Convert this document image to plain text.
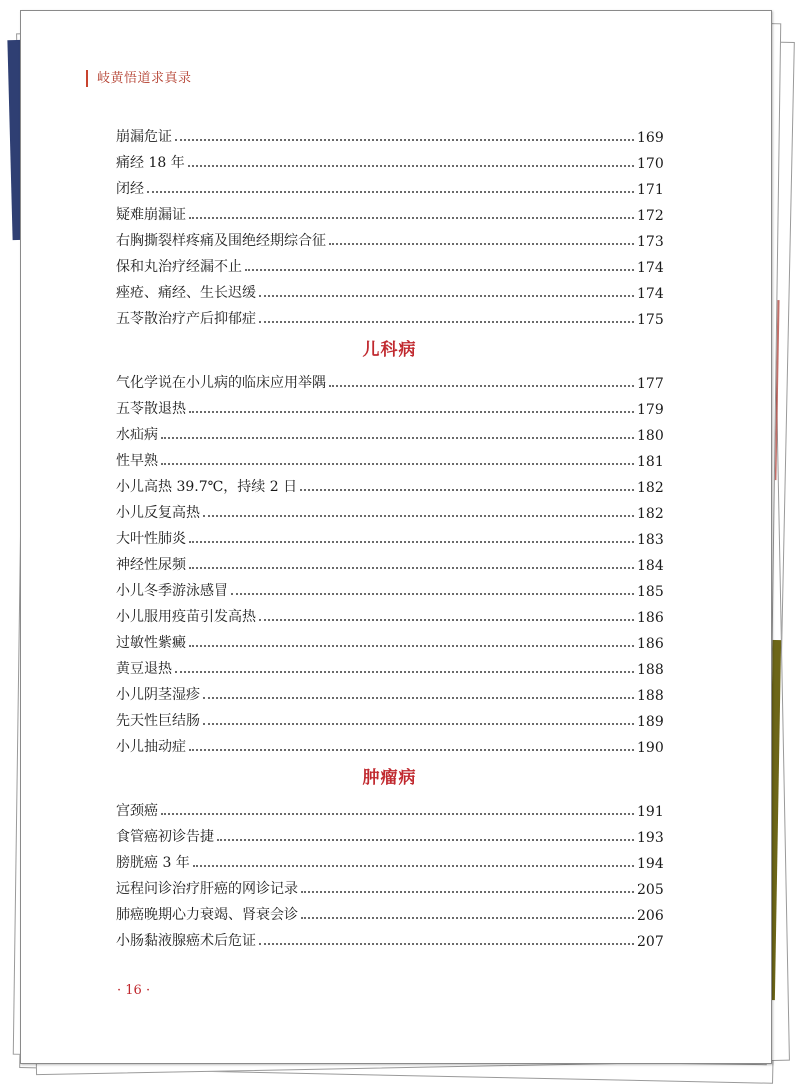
岐黄悟道求真录
崩漏危证	169
痛经 18 年	170
闭经	171
疑难崩漏证	172
右胸撕裂样疼痛及围绝经期综合征	173
保和丸治疗经漏不止	174
痤疮、痛经、生长迟缓	174
五苓散治疗产后抑郁症	175
儿科病
气化学说在小儿病的临床应用举隅	177
五苓散退热	179
水疝病	180
性早熟	181
小儿高热 39.7℃，持续 2 日	182
小儿反复高热	182
大叶性肺炎	183
神经性尿频	184
小儿冬季游泳感冒	185
小儿服用疫苗引发高热	186
过敏性紫癜	186
黄豆退热	188
小儿阴茎湿疹	188
先天性巨结肠	189
小儿抽动症	190
肿瘤病
宫颈癌	191
食管癌初诊告捷	193
膀胱癌 3 年	194
远程问诊治疗肝癌的网诊记录	205
肺癌晚期心力衰竭、肾衰会诊	206
小肠黏液腺癌术后危证	207
· 16 ·
